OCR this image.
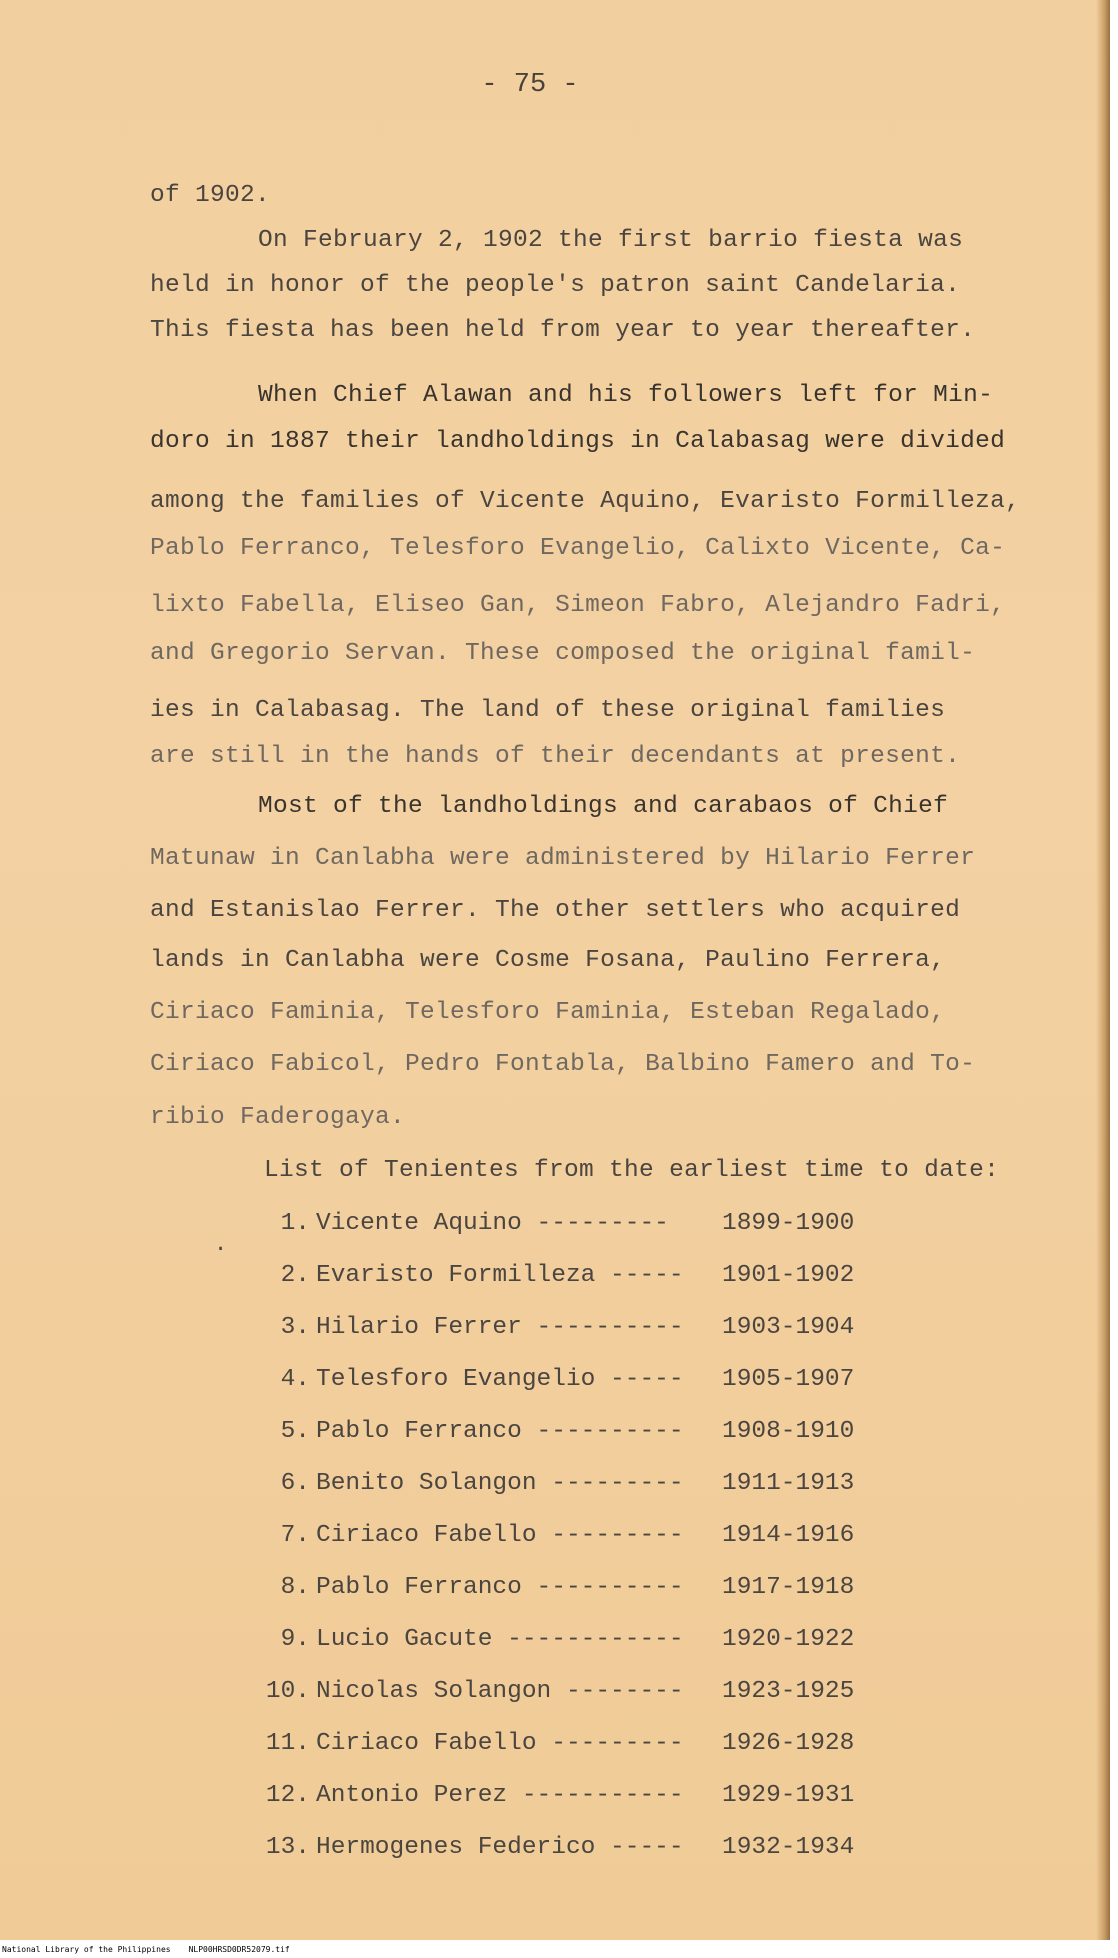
- 75 -
of 1902.
On February 2, 1902 the first barrio fiesta was
held in honor of the people's patron saint Candelaria.
This fiesta has been held from year to year thereafter.
When Chief Alawan and his followers left for Min-
doro in 1887 their landholdings in Calabasag were divided
among the families of Vicente Aquino, Evaristo Formilleza,
Pablo Ferranco, Telesforo Evangelio, Calixto Vicente, Ca-
lixto Fabella, Eliseo Gan, Simeon Fabro, Alejandro Fadri,
and Gregorio Servan. These composed the original famil-
ies in Calabasag. The land of these original families
are still in the hands of their decendants at present.
Most of the landholdings and carabaos of Chief
Matunaw in Canlabha were administered by Hilario Ferrer
and Estanislao Ferrer. The other settlers who acquired
lands in Canlabha were Cosme Fosana, Paulino Ferrera,
Ciriaco Faminia, Telesforo Faminia, Esteban Regalado,
Ciriaco Fabicol, Pedro Fontabla, Balbino Famero and To-
ribio Faderogaya.
List of Tenientes from the earliest time to date:
.
1. Vicente Aquino --------- 1899-1900
2. Evaristo Formilleza ----- 1901-1902
3. Hilario Ferrer ---------- 1903-1904
4. Telesforo Evangelio ----- 1905-1907
5. Pablo Ferranco ---------- 1908-1910
6. Benito Solangon --------- 1911-1913
7. Ciriaco Fabello --------- 1914-1916
8. Pablo Ferranco ---------- 1917-1918
9. Lucio Gacute ------------ 1920-1922
10. Nicolas Solangon -------- 1923-1925
11. Ciriaco Fabello --------- 1926-1928
12. Antonio Perez ----------- 1929-1931
13. Hermogenes Federico ----- 1932-1934
National Library of the Philippines NLP00HRSD0DR52079.tif
